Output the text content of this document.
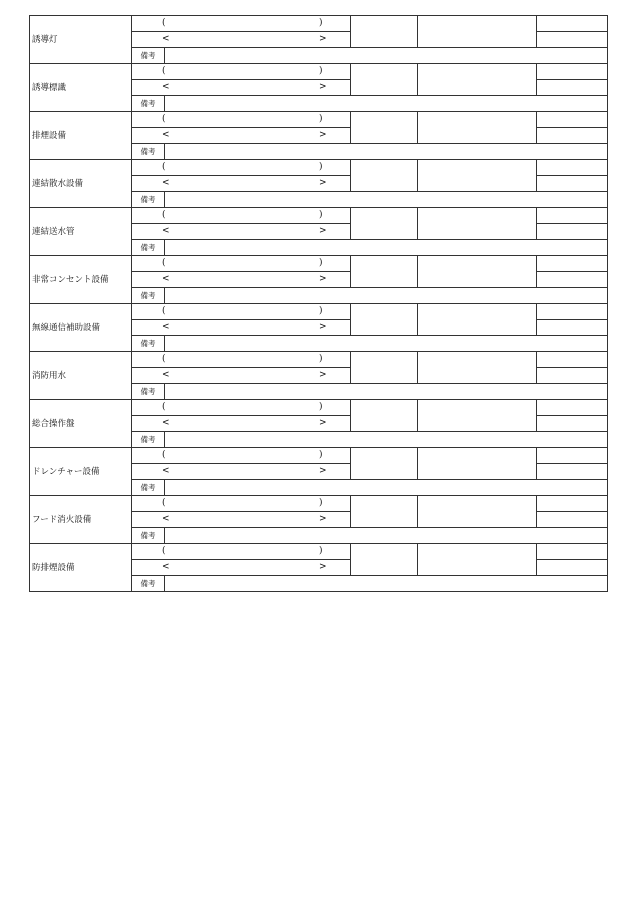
誘導灯	( )				

	< >				

	備考				
誘導標識	( )				

	< >				

	備考				
排煙設備	( )				

	< >				

	備考				
連結散水設備	( )				

	< >				

	備考				
連結送水管	( )				

	< >				

	備考				
非常コンセント設備	( )				

	< >				

	備考				
無線通信補助設備	( )				

	< >				

	備考				
消防用水	( )				

	< >				

	備考				
総合操作盤	( )				

	< >				

	備考				
ドレンチャー設備	( )				

	< >				

	備考				
フード消火設備	( )				

	< >				

	備考				
防排煙設備	( )				

	< >				

	備考				
